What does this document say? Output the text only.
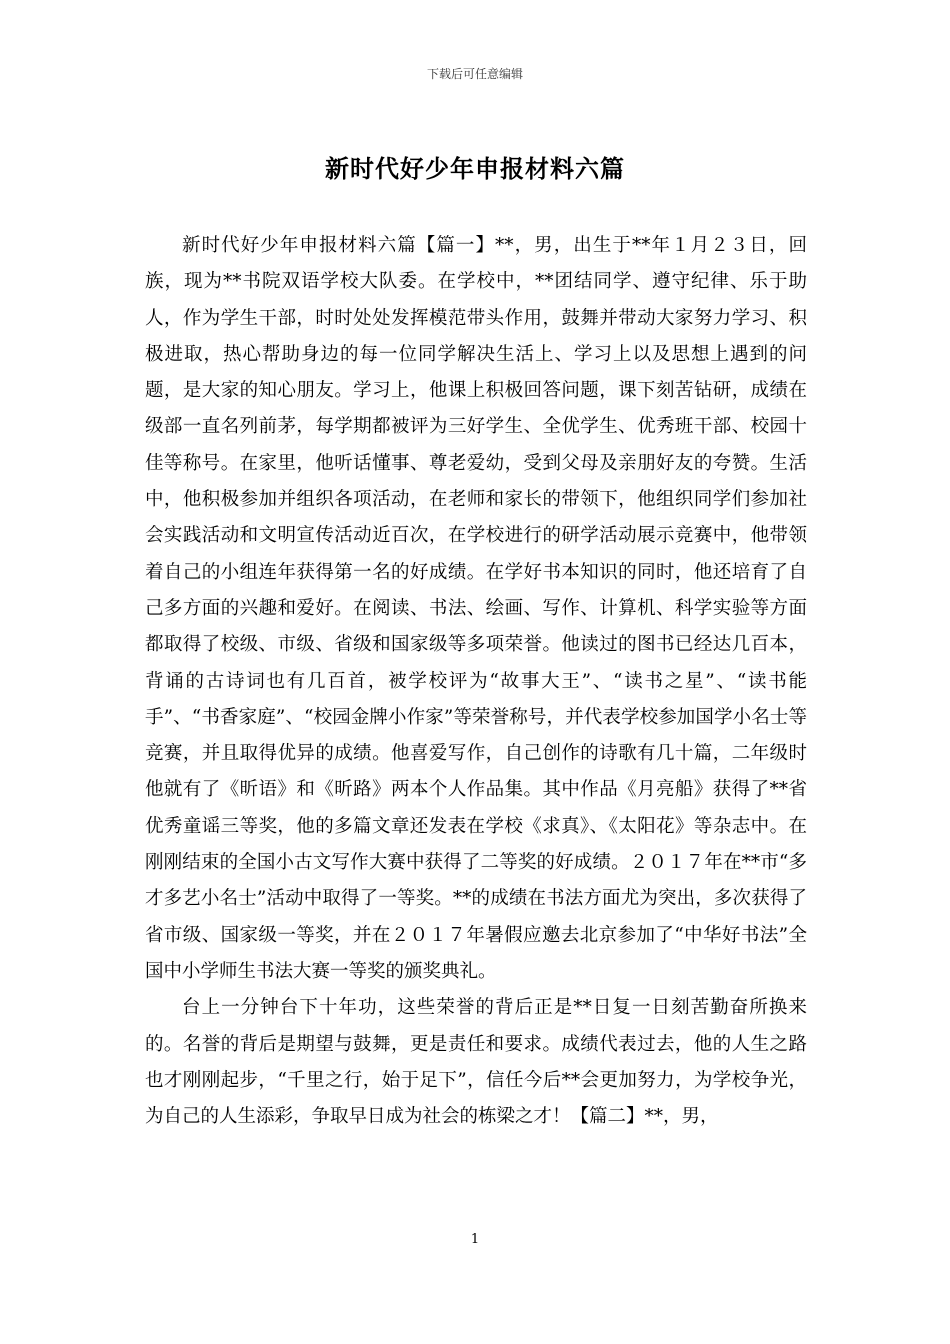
下载后可任意编辑
新时代好少年申报材料六篇

新时代好少年申报材料六篇【篇一】**，男，出生于**年１月２３日，回族，现为**书院双语学校大队委。在学校中，**团结同学、遵守纪律、乐于助人，作为学生干部，时时处处发挥模范带头作用，鼓舞并带动大家努力学习、积极进取，热心帮助身边的每一位同学解决生活上、学习上以及思想上遇到的问题，是大家的知心朋友。学习上，他课上积极回答问题，课下刻苦钻研，成绩在级部一直名列前茅，每学期都被评为三好学生、全优学生、优秀班干部、校园十佳等称号。在家里，他听话懂事、尊老爱幼，受到父母及亲朋好友的夸赞。生活中，他积极参加并组织各项活动，在老师和家长的带领下，他组织同学们参加社会实践活动和文明宣传活动近百次，在学校进行的研学活动展示竞赛中，他带领着自己的小组连年获得第一名的好成绩。在学好书本知识的同时，他还培育了自己多方面的兴趣和爱好。在阅读、书法、绘画、写作、计算机、科学实验等方面都取得了校级、市级、省级和国家级等多项荣誉。他读过的图书已经达几百本，背诵的古诗词也有几百首，被学校评为“故事大王”、“读书之星”、“读书能手”、“书香家庭”、“校园金牌小作家”等荣誉称号，并代表学校参加国学小名士等竞赛，并且取得优异的成绩。他喜爱写作，自己创作的诗歌有几十篇，二年级时他就有了《昕语》和《昕路》两本个人作品集。其中作品《月亮船》获得了**省优秀童谣三等奖，他的多篇文章还发表在学校《求真》、《太阳花》等杂志中。在刚刚结束的全国小古文写作大赛中获得了二等奖的好成绩。２０１７年在**市“多才多艺小名士”活动中取得了一等奖。**的成绩在书法方面尤为突出，多次获得了省市级、国家级一等奖，并在２０１７年暑假应邀去北京参加了“中华好书法”全国中小学师生书法大赛一等奖的颁奖典礼。

台上一分钟台下十年功，这些荣誉的背后正是**日复一日刻苦勤奋所换来的。名誉的背后是期望与鼓舞，更是责任和要求。成绩代表过去，他的人生之路也才刚刚起步，“千里之行，始于足下”，信任今后**会更加努力，为学校争光，为自己的人生添彩，争取早日成为社会的栋梁之才！【篇二】**，男，

1
